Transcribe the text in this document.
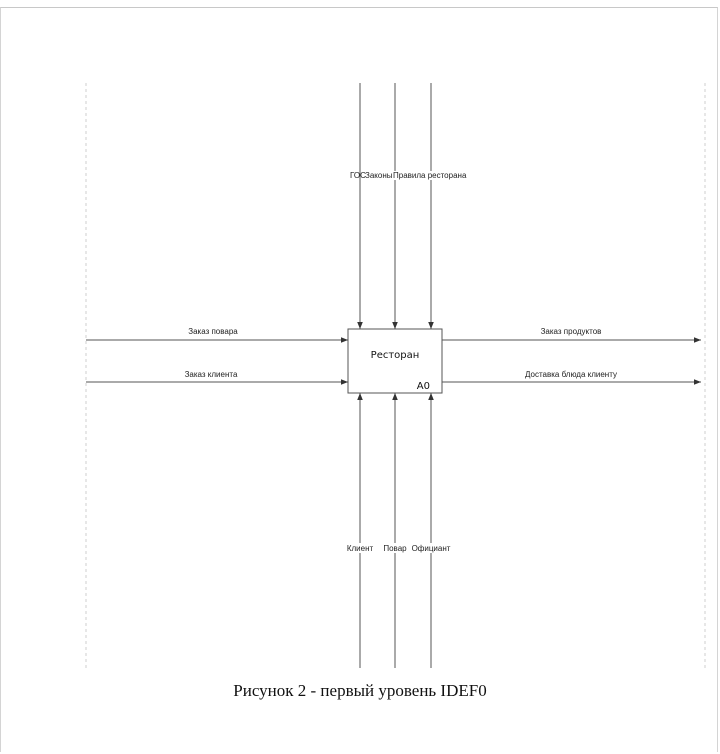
Ресторан
A0
ГОС Законы Правила ресторана
Заказ повара
Заказ клиента
Заказ продуктов
Доставка блюда клиенту
Клиент Повар Официант
Рисунок 2 - первый уровень IDEF0
